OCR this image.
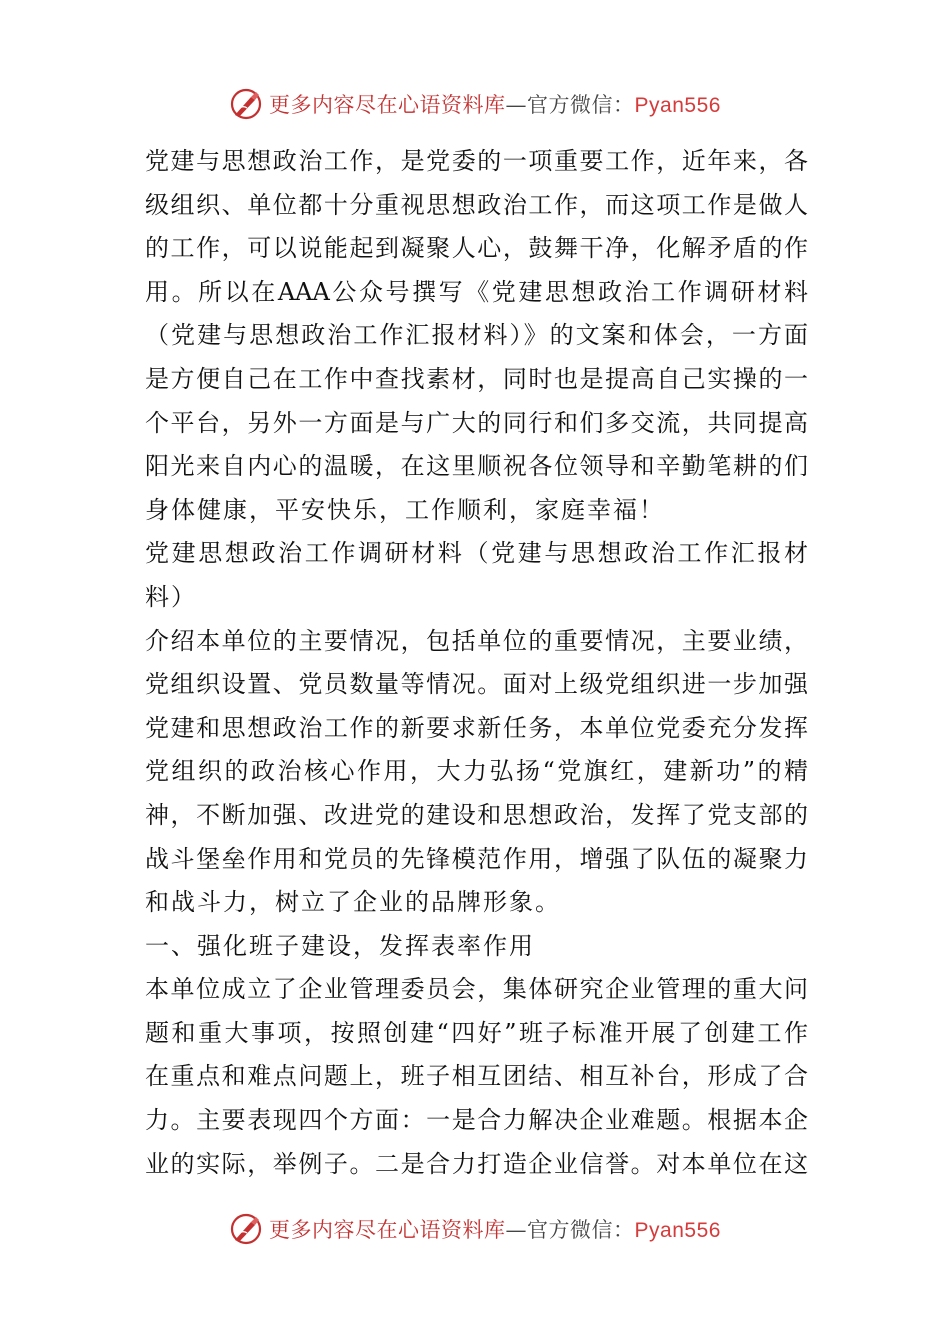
更多内容尽在心语资料库—官方微信：Pyan556
党建与思想政治工作，是党委的一项重要工作，近年来，各
级组织、单位都十分重视思想政治工作，而这项工作是做人
的工作，可以说能起到凝聚人心，鼓舞干净，化解矛盾的作
用。所以在AAA公众号撰写《党建思想政治工作调研材料
（党建与思想政治工作汇报材料）》的文案和体会，一方面
是方便自己在工作中查找素材，同时也是提高自己实操的一
个平台，另外一方面是与广大的同行和们多交流，共同提高
阳光来自内心的温暖，在这里顺祝各位领导和辛勤笔耕的们
身体健康，平安快乐，工作顺利，家庭幸福！
党建思想政治工作调研材料（党建与思想政治工作汇报材
料）
介绍本单位的主要情况，包括单位的重要情况，主要业绩，
党组织设置、党员数量等情况。面对上级党组织进一步加强
党建和思想政治工作的新要求新任务，本单位党委充分发挥
党组织的政治核心作用，大力弘扬“党旗红，建新功”的精
神，不断加强、改进党的建设和思想政治，发挥了党支部的
战斗堡垒作用和党员的先锋模范作用，增强了队伍的凝聚力
和战斗力，树立了企业的品牌形象。
一、强化班子建设，发挥表率作用
本单位成立了企业管理委员会，集体研究企业管理的重大问
题和重大事项，按照创建“四好”班子标准开展了创建工作
在重点和难点问题上，班子相互团结、相互补台，形成了合
力。主要表现四个方面：一是合力解决企业难题。根据本企
业的实际，举例子。二是合力打造企业信誉。对本单位在这
更多内容尽在心语资料库—官方微信：Pyan556
